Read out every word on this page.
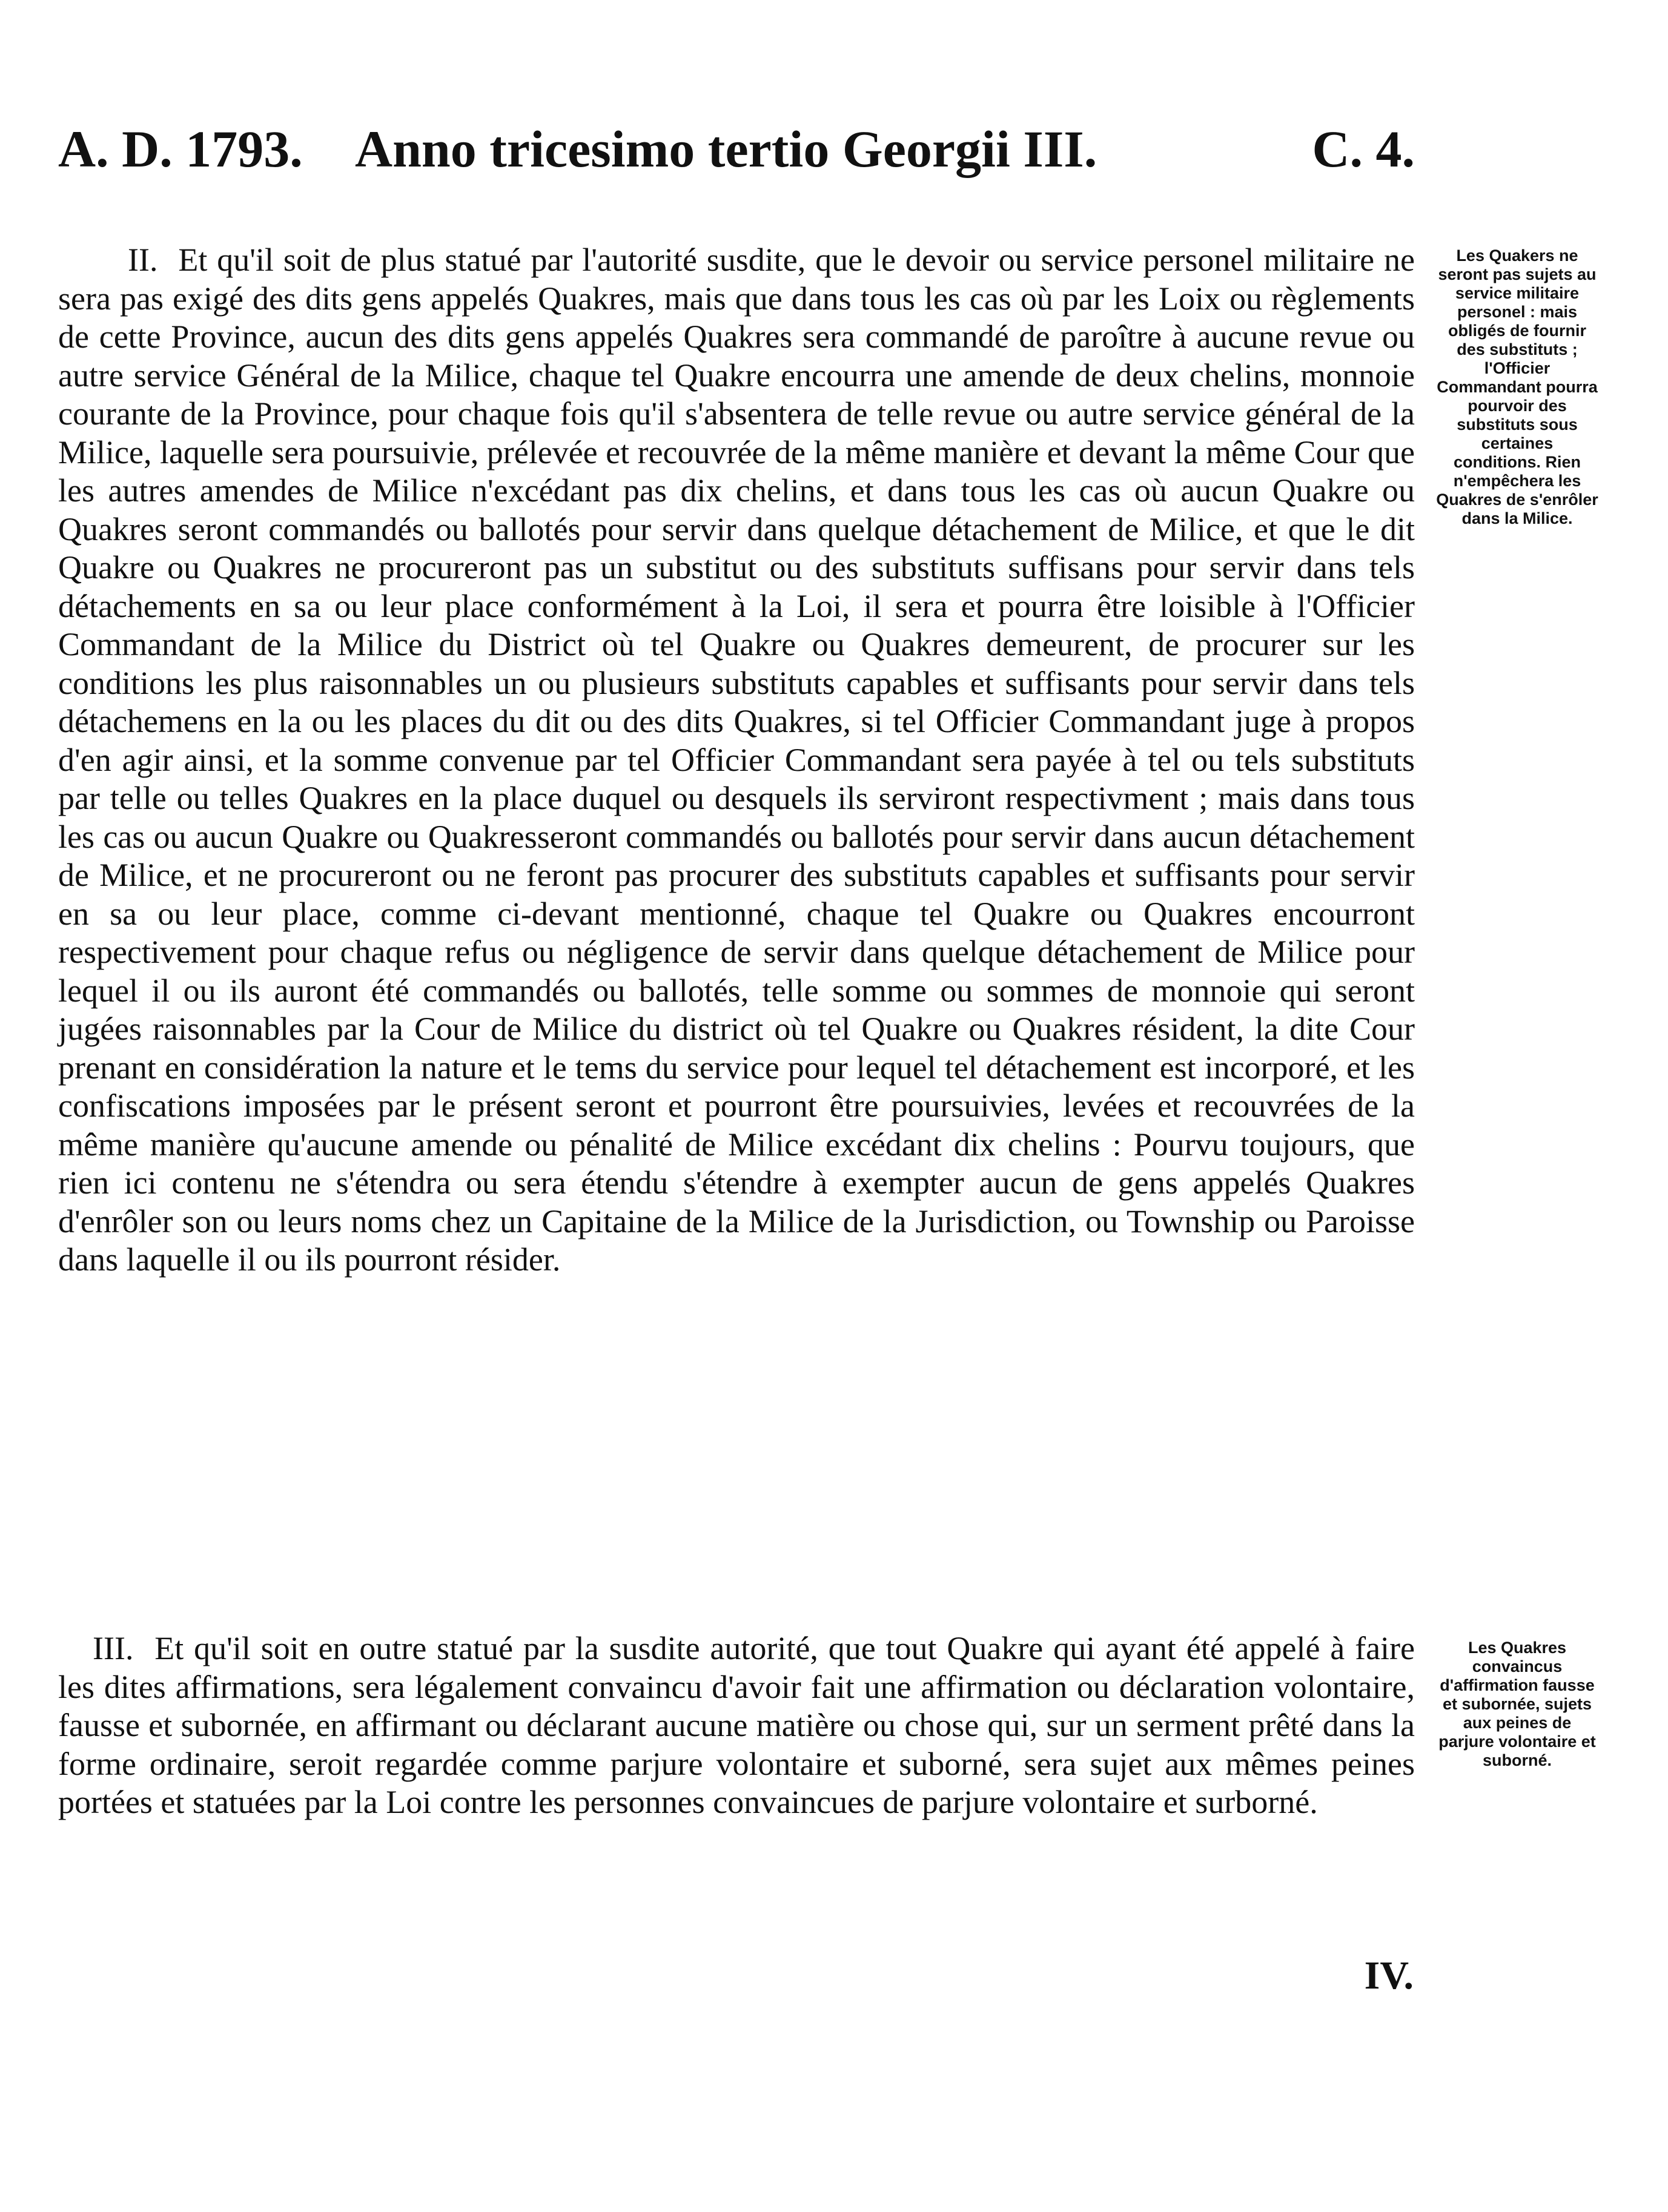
A. D. 1793. Anno tricesimo tertio Georgii III.	C. 4.

II. Et qu'il soit de plus statué par l'autorité susdite, que le devoir ou service personel militaire ne sera pas exigé des dits gens appelés Quakres, mais que dans tous les cas où par les Loix ou règlements de cette Province, aucun des dits gens appelés Quakres sera commandé de paroître à aucune revue ou autre service Général de la Milice, chaque tel Quakre encourra une amende de deux chelins, monnoie courante de la Province, pour chaque fois qu'il s'absentera de telle revue ou autre service général de la Milice, laquelle sera poursuivie, prélevée et recouvrée de la même manière et devant la même Cour que les autres amendes de Milice n'excédant pas dix chelins, et dans tous les cas où aucun Quakre ou Quakres seront commandés ou ballotés pour servir dans quelque détachement de Milice, et que le dit Quakre ou Quakres ne procureront pas un substitut ou des substituts suffisans pour servir dans tels détachements en sa ou leur place conformément à la Loi, il sera et pourra être loisible à l'Officier Commandant de la Milice du District où tel Quakre ou Quakres demeurent, de procurer sur les conditions les plus raisonnables un ou plusieurs substituts capables et suffisants pour servir dans tels détachemens en la ou les places du dit ou des dits Quakres, si tel Officier Commandant juge à propos d'en agir ainsi, et la somme convenue par tel Officier Commandant sera payée à tel ou tels substituts par telle ou telles Quakres en la place duquel ou desquels ils serviront respectivment ; mais dans tous les cas ou aucun Quakre ou Quakresseront commandés ou ballotés pour servir dans aucun détachement de Milice, et ne procureront ou ne feront pas procurer des substituts capables et suffisants pour servir en sa ou leur place, comme ci-devant mentionné, chaque tel Quakre ou Quakres encourront respectivement pour chaque refus ou négligence de servir dans quelque détachement de Milice pour lequel il ou ils auront été commandés ou ballotés, telle somme ou sommes de monnoie qui seront jugées raisonnables par la Cour de Milice du district où tel Quakre ou Quakres résident, la dite Cour prenant en considération la nature et le tems du service pour lequel tel détachement est incorporé, et les confiscations imposées par le présent seront et pourront être poursuivies, levées et recouvrées de la même manière qu'aucune amende ou pénalité de Milice excédant dix chelins : Pourvu toujours, que rien ici contenu ne s'étendra ou sera étendu s'étendre à exempter aucun de gens appelés Quakres d'enrôler son ou leurs noms chez un Capitaine de la Milice de la Jurisdiction, ou Township ou Paroisse dans laquelle il ou ils pourront résider.

Les Quakers ne seront pas sujets au service militaire personel : mais obligés de fournir des substituts ; l'Officier Commandant pourra pourvoir des substituts sous certaines conditions. Rien n'empêchera les Quakres de s'enrôler dans la Milice.

III. Et qu'il soit en outre statué par la susdite autorité, que tout Quakre qui ayant été appelé à faire les dites affirmations, sera légalement convaincu d'avoir fait une affirmation ou déclaration volontaire, fausse et subornée, en affirmant ou déclarant aucune matière ou chose qui, sur un serment prêté dans la forme ordinaire, seroit regardée comme parjure volontaire et suborné, sera sujet aux mêmes peines portées et statuées par la Loi contre les personnes convaincues de parjure volontaire et surborné.

Les Quakres convaincus d'affirmation fausse et subornée, sujets aux peines de parjure volontaire et suborné.
IV.
